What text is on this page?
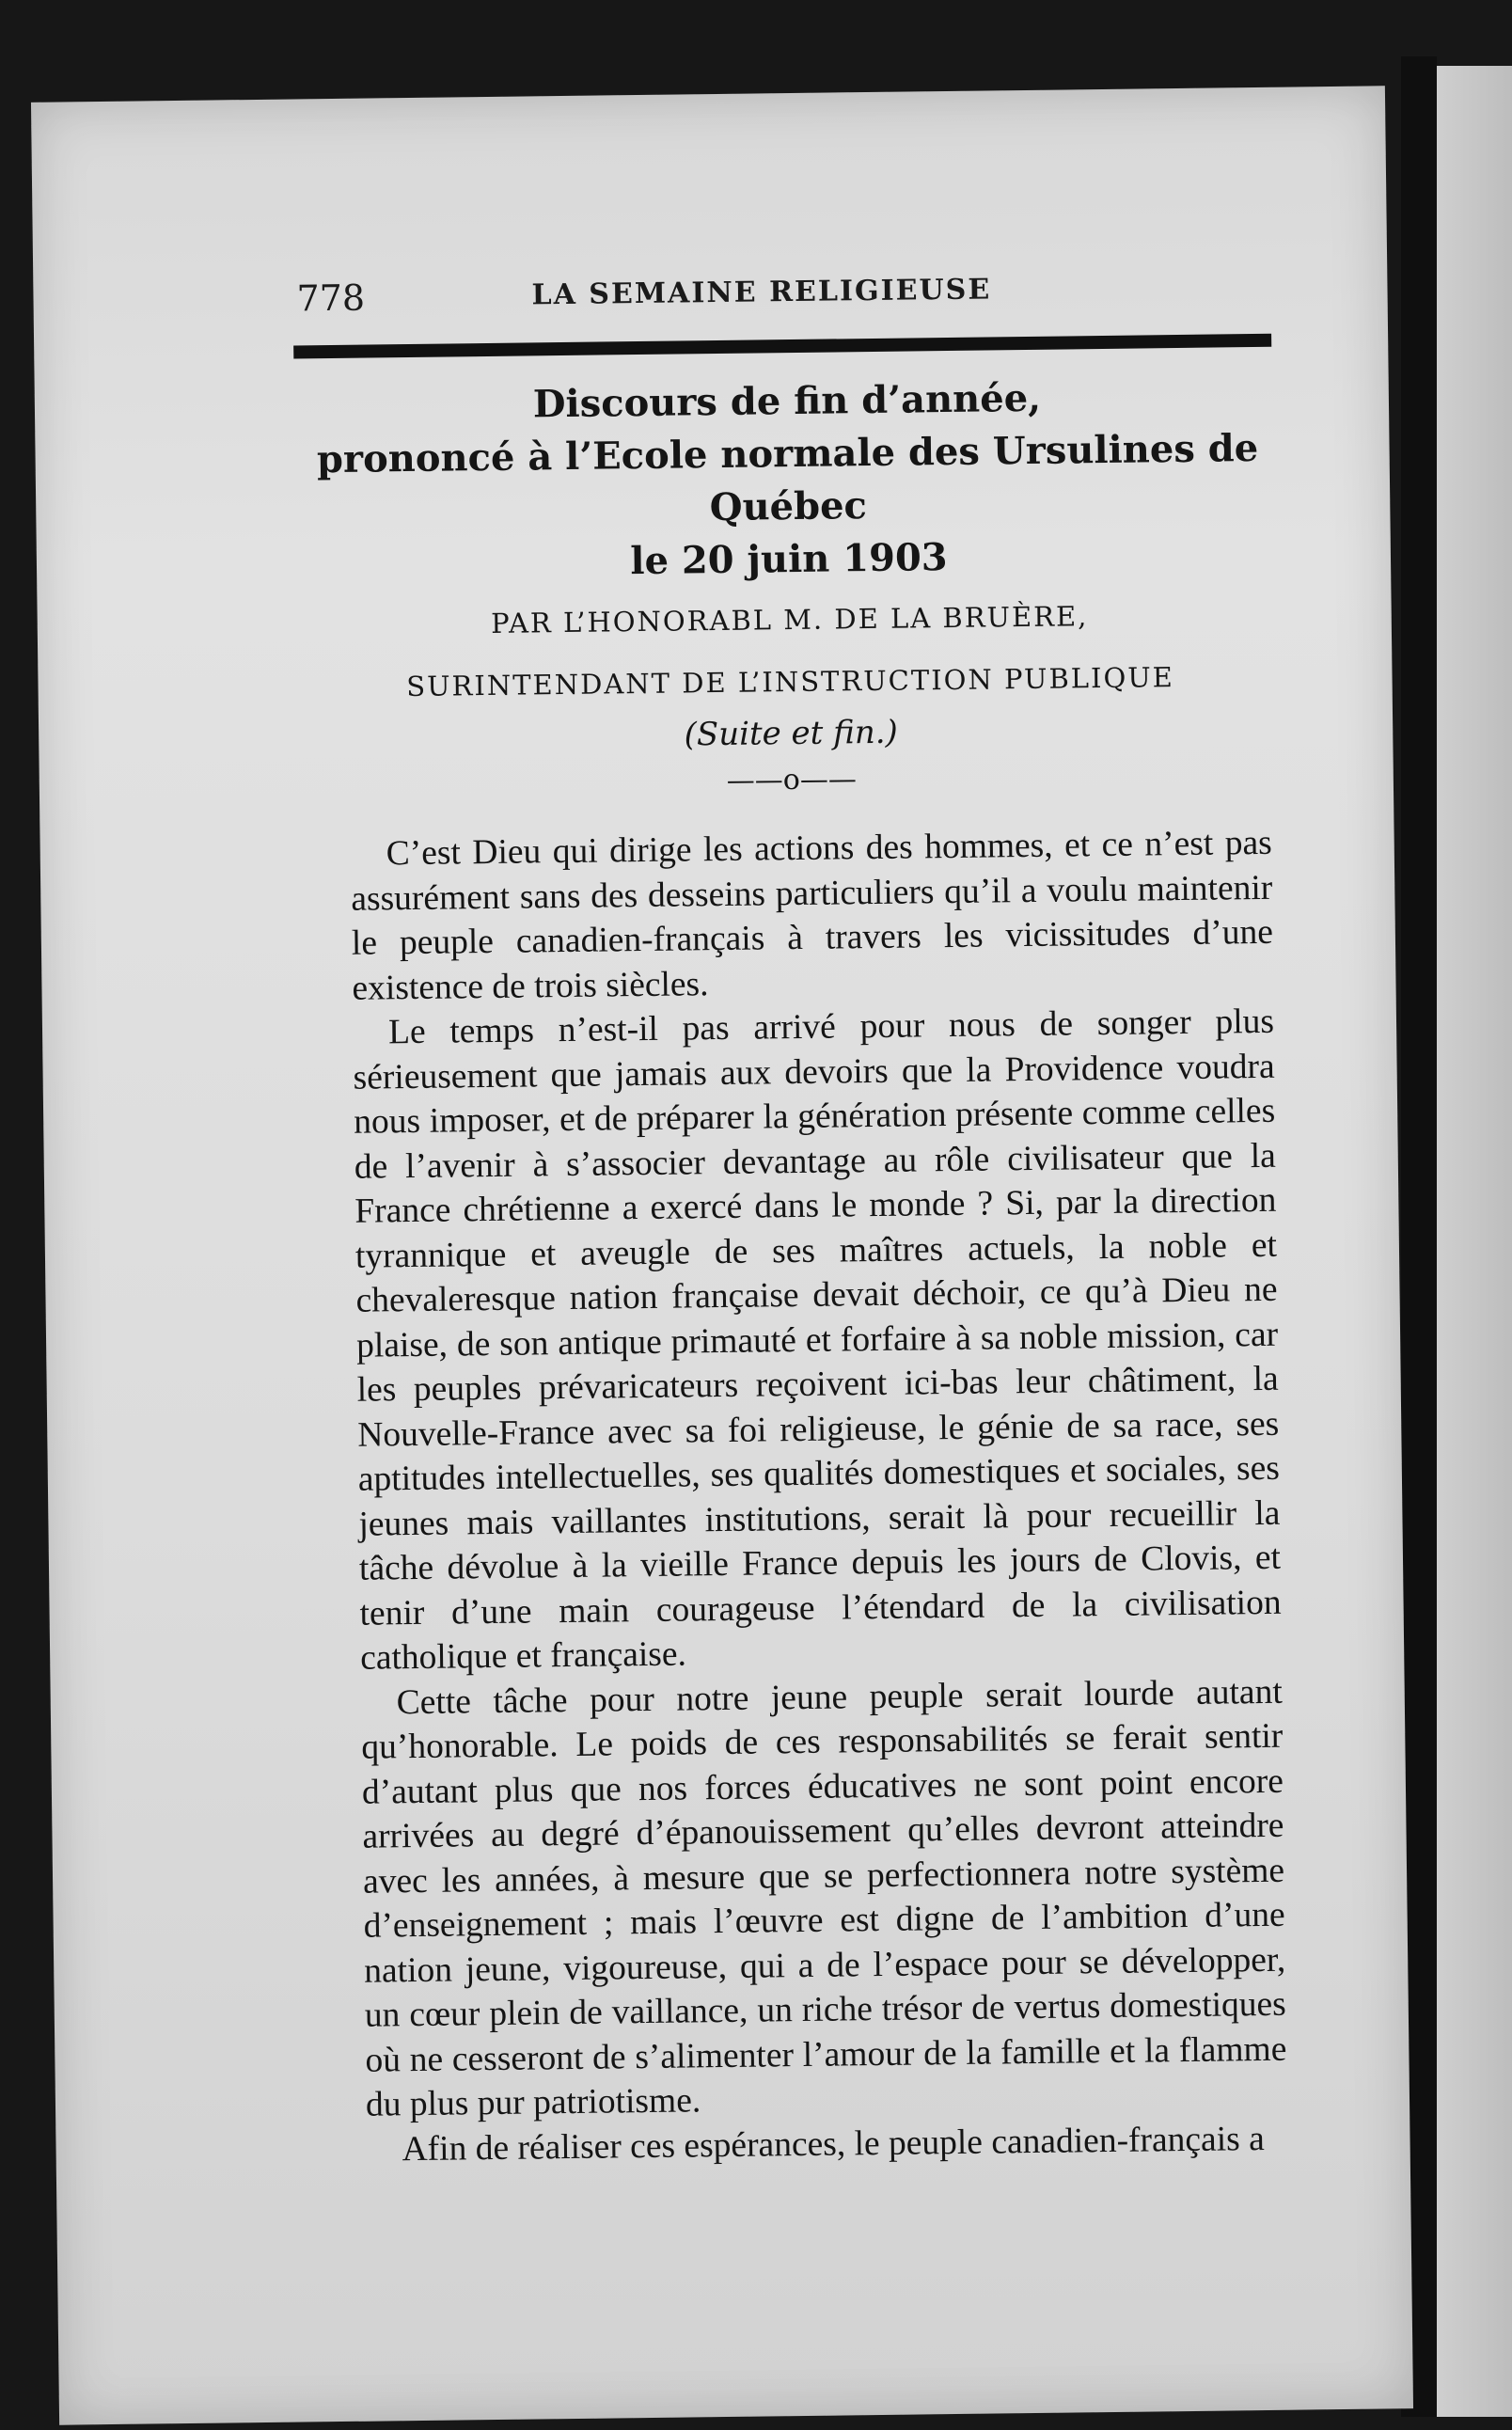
778	LA SEMAINE RELIGIEUSE
Discours de fin d’année,
prononcé à l’Ecole normale des Ursulines de Québec
le 20 juin 1903
PAR L’HONORABL M. DE LA BRUÈRE,
SURINTENDANT DE L’INSTRUCTION PUBLIQUE
(Suite et fin.)
——o——

C’est Dieu qui dirige les actions des hommes, et ce n’est pas assurément sans des desseins particuliers qu’il a voulu maintenir le peuple canadien-français à travers les vicissitudes d’une existence de trois siècles.

Le temps n’est-il pas arrivé pour nous de songer plus sérieusement que jamais aux devoirs que la Providence voudra nous imposer, et de préparer la génération présente comme celles de l’avenir à s’associer devantage au rôle civilisateur que la France chrétienne a exercé dans le monde ? Si, par la direction tyrannique et aveugle de ses maîtres actuels, la noble et chevaleresque nation française devait déchoir, ce qu’à Dieu ne plaise, de son antique primauté et forfaire à sa noble mission, car les peuples prévaricateurs reçoivent ici-bas leur châtiment, la Nouvelle-France avec sa foi religieuse, le génie de sa race, ses aptitudes intellectuelles, ses qualités domestiques et sociales, ses jeunes mais vaillantes institutions, serait là pour recueillir la tâche dévolue à la vieille France depuis les jours de Clovis, et tenir d’une main courageuse l’étendard de la civilisation catholique et française.

Cette tâche pour notre jeune peuple serait lourde autant qu’honorable. Le poids de ces responsabilités se ferait sentir d’autant plus que nos forces éducatives ne sont point encore arrivées au degré d’épanouissement qu’elles devront atteindre avec les années, à mesure que se perfectionnera notre système d’enseignement ; mais l’œuvre est digne de l’ambition d’une nation jeune, vigoureuse, qui a de l’espace pour se développer, un cœur plein de vaillance, un riche trésor de vertus domestiques où ne cesseront de s’alimenter l’amour de la famille et la flamme du plus pur patriotisme.

Afin de réaliser ces espérances, le peuple canadien-français a
